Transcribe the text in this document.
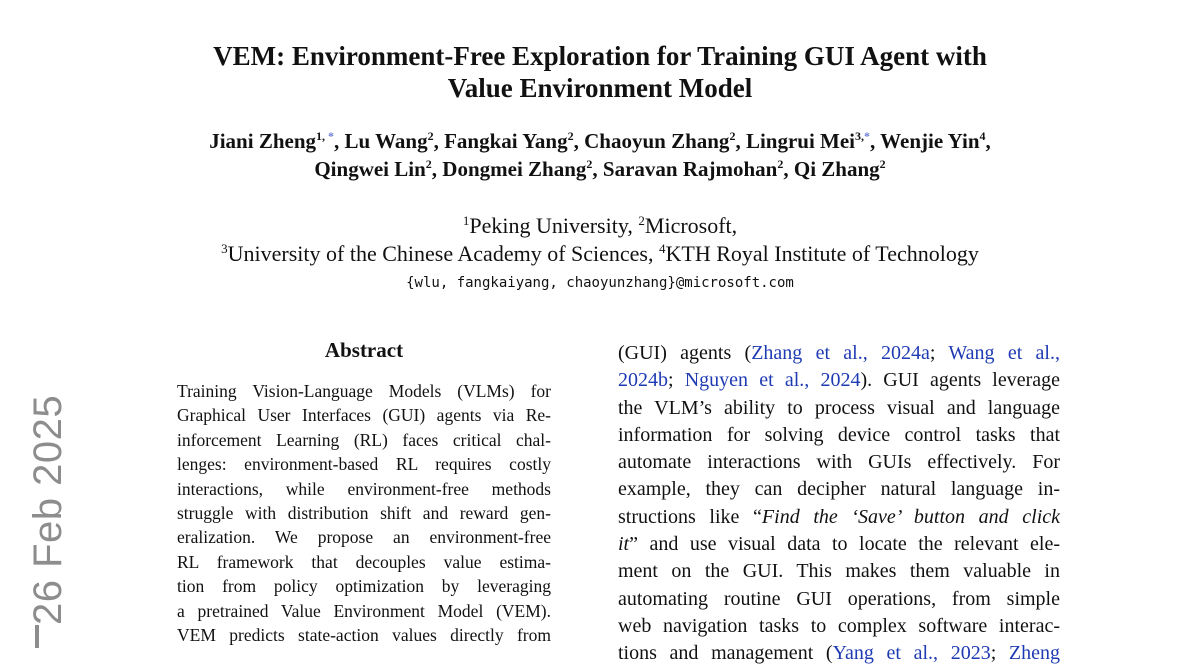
VEM: Environment-Free Exploration for Training GUI Agent with
Value Environment Model
Jiani Zheng$^{1, *}$, Lu Wang$^2$, Fangkai Yang$^2$, Chaoyun Zhang$^2$, Lingrui Mei$^{3,*}$, Wenjie Yin$^4$,
Qingwei Lin$^2$, Dongmei Zhang$^2$, Saravan Rajmohan$^2$, Qi Zhang$^2$
$^1$Peking University, $^2$Microsoft,
$^3$University of the Chinese Academy of Sciences, $^4$KTH Royal Institute of Technology
{wlu, fangkaiyang, chaoyunzhang}@microsoft.com
Abstract
Training Vision-Language Models (VLMs) for
Graphical User Interfaces (GUI) agents via Re-
inforcement Learning (RL) faces critical chal-
lenges: environment-based RL requires costly
interactions, while environment-free methods
struggle with distribution shift and reward gen-
eralization. We propose an environment-free
RL framework that decouples value estima-
tion from policy optimization by leveraging
a pretrained Value Environment Model (VEM).
VEM predicts state-action values directly from
(GUI) agents (Zhang et al., 2024a; Wang et al.,
2024b; Nguyen et al., 2024). GUI agents leverage
the VLM’s ability to process visual and language
information for solving device control tasks that
automate interactions with GUIs effectively. For
example, they can decipher natural language in-
structions like “Find the ‘Save’ button and click
it” and use visual data to locate the relevant ele-
ment on the GUI. This makes them valuable in
automating routine GUI operations, from simple
web navigation tasks to complex software interac-
tions and management (Yang et al., 2023; Zheng
26 Feb 2025
